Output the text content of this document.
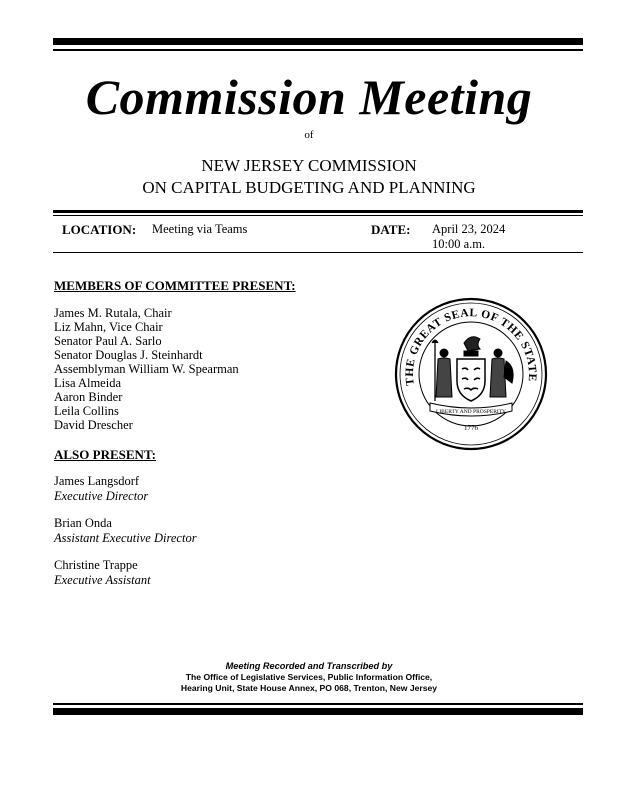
Commission Meeting
of
NEW JERSEY COMMISSION
ON CAPITAL BUDGETING AND PLANNING
LOCATION: Meeting via Teams	DATE: April 23, 2024
10:00 a.m.
MEMBERS OF COMMITTEE PRESENT:
James M. Rutala, Chair
Liz Mahn, Vice Chair
Senator Paul A. Sarlo
Senator Douglas J. Steinhardt
Assemblyman William W. Spearman
Lisa Almeida
Aaron Binder
Leila Collins
David Drescher
ALSO PRESENT:
James Langsdorf
Executive Director
Brian Onda
Assistant Executive Director
Christine Trappe
Executive Assistant
THE GREAT SEAL OF THE STATE
LIBERTY AND PROSPERITY
1776
Meeting Recorded and Transcribed by
The Office of Legislative Services, Public Information Office,
Hearing Unit, State House Annex, PO 068, Trenton, New Jersey
